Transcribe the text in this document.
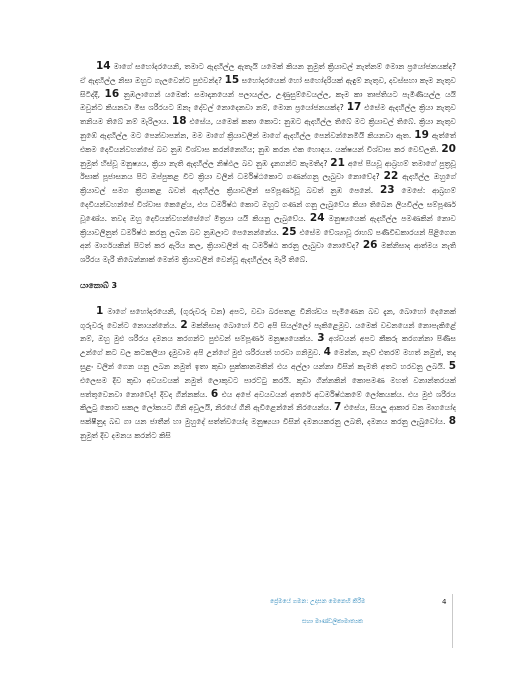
14 මාගේ සහෝදරයෙනි, තමාට ඇදහිල්ල ඇතැයි යමෙක් කියන නුමුත් ක්‍රියාවල් නැත්නම් මොන ප්‍රයෝජනයක්ද? ඒ ඇදහිල්ල නිසා ඔහුට ගැලවෙන්ට පුළුවන්ද? 15 සහෝදරයෙක් හෝ සහෝදරියක් ඇඳුම් නැතුව, දවස්සහා කෑම නැතුව සිටිද්දී, 16 නුඹලාගෙන් යමෙක්: සමාදානයෙන් පලායල්ල, උණුසුම්වෙයල්ල, කෑම කා තෘප්තියට පැමිණියල්ල යයි ඔවුන්ට කියනවා මිස ශරීරයට ඕනෑ දේවල් නොදෙනවා නම්, මොන ප්‍රයෝජනයක්ද? 17 එසේම ඇදහිල්ල ක්‍රියා නැතුව තනියම තිබේ නම් මැරිලාය. 18 එසේය, යමෙක් කතා කොට: නුඹට ඇදහිල්ල තිබේ මට ක්‍රියාවල් තිබේ. ක්‍රියා නැතුව නුඹේ ඇදහිල්ල මට පෙන්වාපන්න, මම මාගේ ක්‍රියාවලින් මාගේ ඇදහිල්ල පෙන්වන්නෙමියි කියනවා ඇත. 19 ඇත්තේ එකම දෙවියන්වහන්සේ බව නුඹ විශ්වාස කරන්නෙහිය; නුඹ කරන එක හොඳය. යක්ෂයන් විශ්වාස කර වෙව්ලති. 20 නුමුත් හිස්වූ මනුෂ්‍යය, ක්‍රියා නැති ඇදහිල්ල නිෂ්ඵල බව නුඹ දැනගන්ට කැමතිද? 21 අපේ පියවූ ආබ්‍රහම් තමාගේ පුත්‍රවූ ඊසාක් පූජාසනය පිට ඔප්පුකළ විට ක්‍රියා වලින් ධර්මිෂ්ඨකොට ගණන්ගනු ලැබුවා නොවේද? 22 ඇදහිල්ල ඔහුගේ ක්‍රියාවල් සමග ක්‍රියාකළ බවත් ඇදහිල්ල ක්‍රියාවලින් සම්පූර්ණවූ බවත් නුඹ පෙනේ. 23 මෙසේ: ආබ්‍රහම් දෙවියන්වහන්සේ විශ්වාස කෙළේය, එය ධර්මිෂ්ඨ කොට ඔහුට ගණන් ගනු ලැබුවේය කියා තිබෙන ලියවිල්ල සම්පූර්ණ වූණේය. තවද ඔහු දෙවියන්වහන්සේගේ මිත්‍රයා යයි කියනු ලැබුවේය. 24 මනුෂ්‍යයෙක් ඇදහිල්ල පමණකින් නොව ක්‍රියාවලිනුත් ධර්මිෂ්ඨ කරනු ලබන බව නුඹලාට පෙනෙන්නේය. 25 එසේම වේශ්‍යාවූ රාහබ් පණිවිඩකාරයන් පිළිගෙන අන් මාර්ගයකින් පිටත් කර ඇරිය කල, ක්‍රියාවලින් ඈ ධර්මිෂ්ඨ කරනු ලැබුවා නොවේද? 26 මක්නිසාද ආත්මය නැති ශරීරය මැරී තිබෙන්නාක් මෙන්ම ක්‍රියාවලින් වෙන්වූ ඇදහිල්ලද මැරී තිබේ.

යාකොබ් 3

1 මාගේ සහෝදරයෙනි, (ගුරුවරු වන) අපට, වඩා බරපතළ විනිශ්චය පැමිණෙන බව දැන, බොහෝ දෙනෙක් ගුරුවරු වෙන්ට නොයන්නේය. 2 මක්නිසාද බොහෝ විට අපි සියල්ලෝ පැකිළෙමුව. යමෙක් වචනයෙන් නොපැකිළේ නම්, ඔහු මුළු ශරීරය දමනය කරගන්ට පුළුවන් සම්පූර්ණ මනුෂ්‍යයෙක්ය. 3 අශ්වයන් අපට කීකරු කරගන්නා පිණිස උන්ගේ කට වල කටකලියා දැමුවාම අපි උන්ගේ මුළු ශරීරයත් හරවා ගනිමුව. 4 මෙන්න, නැව් එතරම් මහත් නමුත්, තද සුළං වලින් ගෙන යනු ලබන නමුත් ඉතා කුඩා සුක්කානමකින් එය අල්ලා යන්නා විසින් කැමති අතට හරවනු ලබයි. 5 එලෙසම දිව කුඩා අවයවයක් නමුත් ලොකුවට පාරට්ටු කරයි. කුඩා ගින්නකින් කොපමණ මහත් වනාන්තරයක් පත්තුවෙනවා නොවේද! දිවද ගින්නක්ය. 6 එය අපේ අවයවයන් අතරේ අධර්මිෂ්ඨකමේ ලෝකයක්ය. එය මුළු ශරීරය කිලුටු කොට සකල ලෝකයට ගිනි අවුලයි, නිරයේ ගිනි ඇවිළෙන්නේ නිරයෙන්ය. 7 එසේය, සියලු ආකාර වන මෘගයෝද පක්ෂීනුද බඩ ගා යන ජාතීන් හා මුහුදේ සත්ත්වයෝද මනුෂ්‍යයා විසින් දමනයකරනු ලබති, දමනය කරනු ලැබුවෝය. 8 නුමුත් දිව දමනය කරන්ට කිසි

ප්‍රේමයේ ගමන: උදාසන මෙනෙහි කිරීම
සහා මාණ්ඩලිකාමාත්‍යක
4
